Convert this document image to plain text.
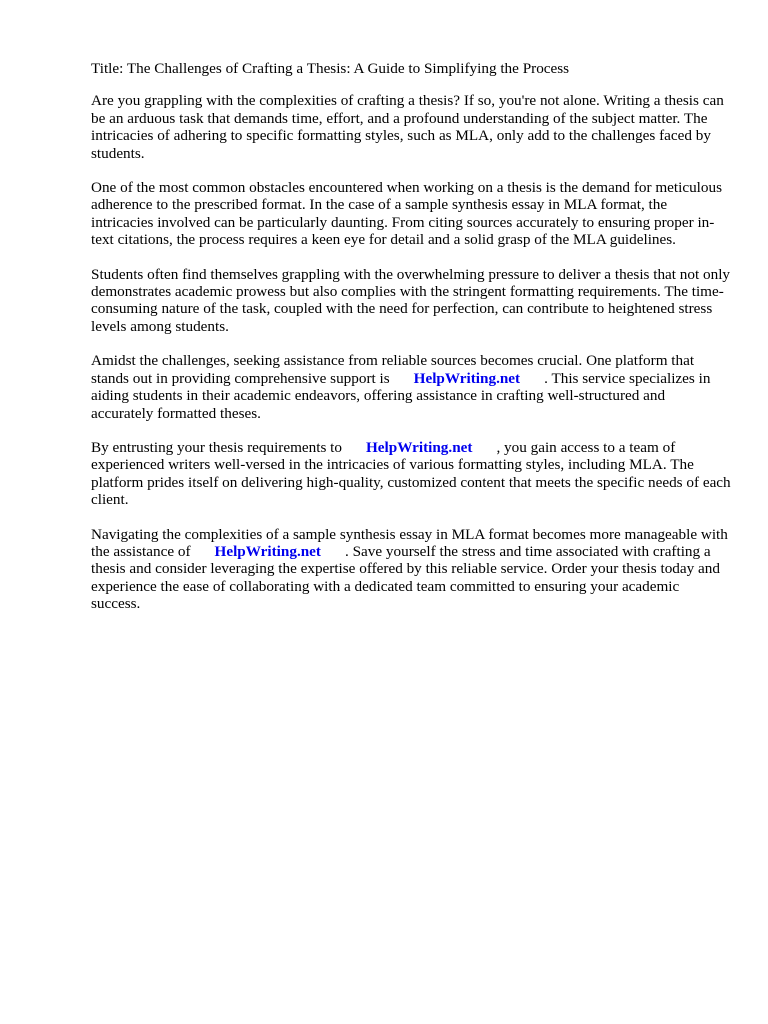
Title: The Challenges of Crafting a Thesis: A Guide to Simplifying the Process

Are you grappling with the complexities of crafting a thesis? If so, you're not alone. Writing a thesis can be an arduous task that demands time, effort, and a profound understanding of the subject matter. The intricacies of adhering to specific formatting styles, such as MLA, only add to the challenges faced by students.

One of the most common obstacles encountered when working on a thesis is the demand for meticulous adherence to the prescribed format. In the case of a sample synthesis essay in MLA format, the intricacies involved can be particularly daunting. From citing sources accurately to ensuring proper in-text citations, the process requires a keen eye for detail and a solid grasp of the MLA guidelines.

Students often find themselves grappling with the overwhelming pressure to deliver a thesis that not only demonstrates academic prowess but also complies with the stringent formatting requirements. The time-consuming nature of the task, coupled with the need for perfection, can contribute to heightened stress levels among students.

Amidst the challenges, seeking assistance from reliable sources becomes crucial. One platform that stands out in providing comprehensive support is HelpWriting.net . This service specializes in aiding students in their academic endeavors, offering assistance in crafting well-structured and accurately formatted theses.

By entrusting your thesis requirements to HelpWriting.net , you gain access to a team of experienced writers well-versed in the intricacies of various formatting styles, including MLA. The platform prides itself on delivering high-quality, customized content that meets the specific needs of each client.

Navigating the complexities of a sample synthesis essay in MLA format becomes more manageable with the assistance of HelpWriting.net . Save yourself the stress and time associated with crafting a thesis and consider leveraging the expertise offered by this reliable service. Order your thesis today and experience the ease of collaborating with a dedicated team committed to ensuring your academic success.
